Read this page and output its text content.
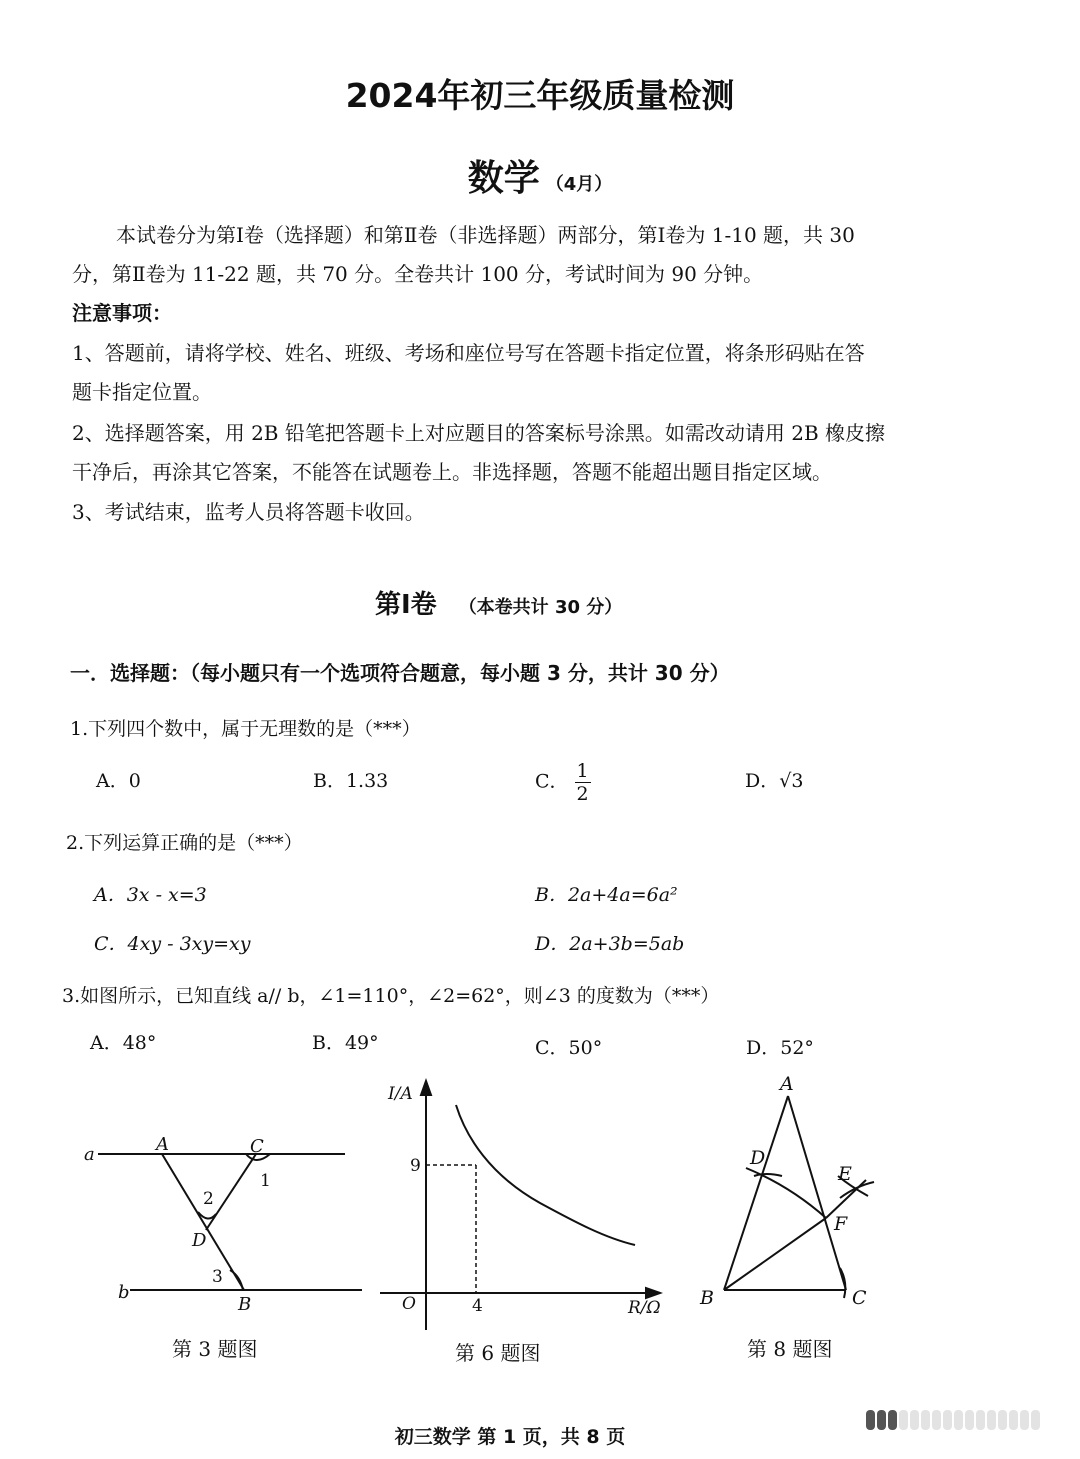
2024年初三年级质量检测
数学 （4月）
本试卷分为第Ⅰ卷（选择题）和第Ⅱ卷（非选择题）两部分，第Ⅰ卷为 1-10 题，共 30
分，第Ⅱ卷为 11-22 题，共 70 分。全卷共计 100 分，考试时间为 90 分钟。
注意事项：
1、答题前，请将学校、姓名、班级、考场和座位号写在答题卡指定位置，将条形码贴在答
题卡指定位置。
2、选择题答案，用 2B 铅笔把答题卡上对应题目的答案标号涂黑。如需改动请用 2B 橡皮擦
干净后，再涂其它答案，不能答在试题卷上。非选择题，答题不能超出题目指定区域。
3、考试结束，监考人员将答题卡收回。
第Ⅰ卷 （本卷共计 30 分）
一．选择题：（每小题只有一个选项符合题意，每小题 3 分，共计 30 分）
1.下列四个数中，属于无理数的是（***）
A．0	B．1.33	C． $\frac{1}{2}$	D．√3
2.下列运算正确的是（***）
A．3x - x=3	B．2a+4a=6a²
C．4xy - 3xy=xy	D．2a+3b=5ab
3.如图所示，已知直线 a// b，∠1=110°，∠2=62°，则∠3 的度数为（***）
A．48°	B．49°	C．50°	D．52°
a
b
A	C
D
B
1
2
3
第 3 题图
I/A
R/Ω
O
9
4
第 6 题图
A
D
E
F
B	C
第 8 题图
初三数学 第 1 页，共 8 页
